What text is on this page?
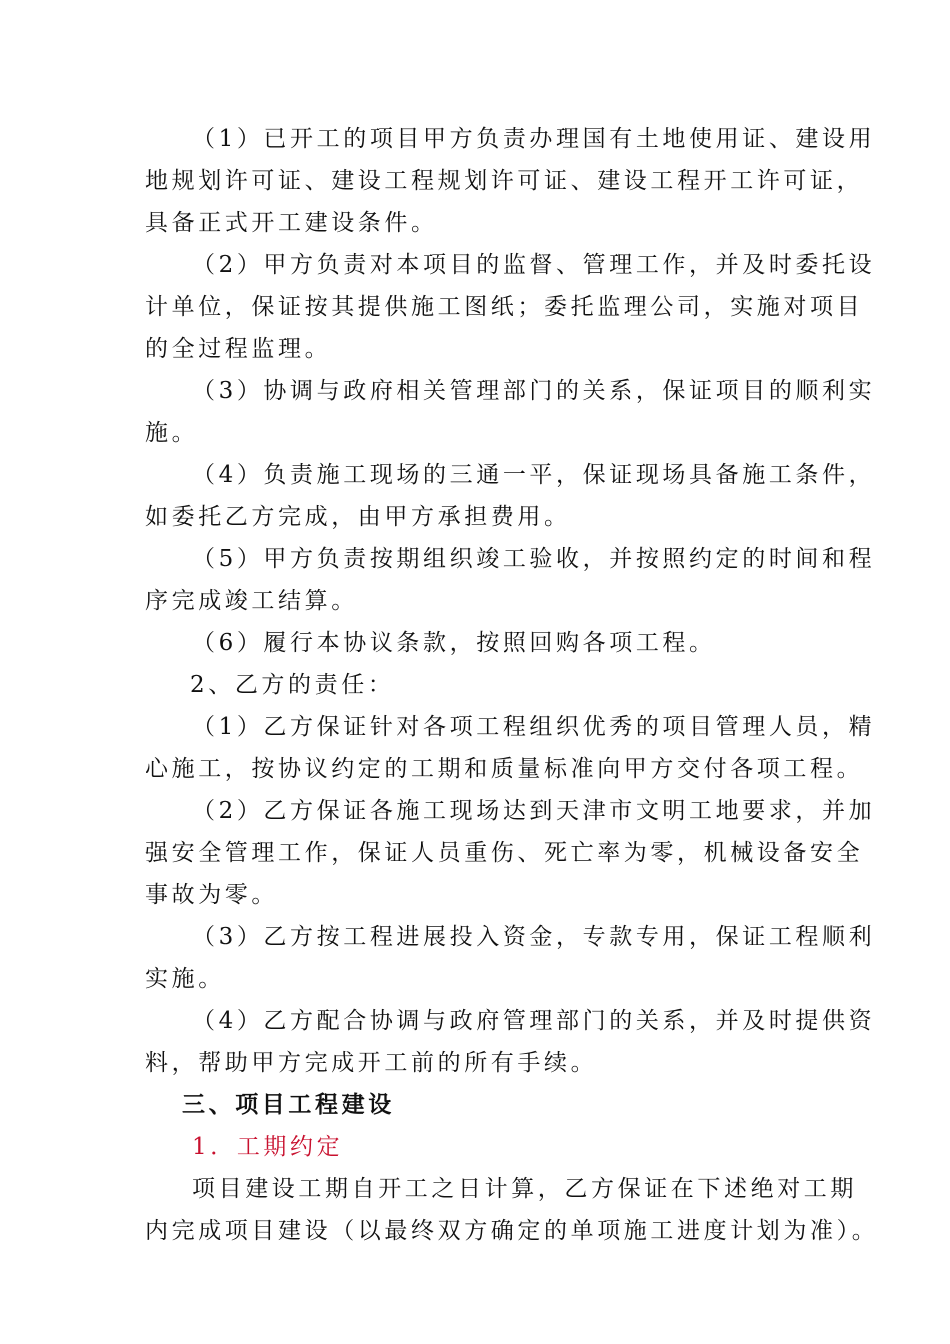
（1）已开工的项目甲方负责办理国有土地使用证、建设用
地规划许可证、建设工程规划许可证、建设工程开工许可证，
具备正式开工建设条件。
（2）甲方负责对本项目的监督、管理工作，并及时委托设
计单位，保证按其提供施工图纸；委托监理公司，实施对项目
的全过程监理。
（3）协调与政府相关管理部门的关系，保证项目的顺利实
施。
（4）负责施工现场的三通一平，保证现场具备施工条件，
如委托乙方完成，由甲方承担费用。
（5）甲方负责按期组织竣工验收，并按照约定的时间和程
序完成竣工结算。
（6）履行本协议条款，按照回购各项工程。
2、乙方的责任：
（1）乙方保证针对各项工程组织优秀的项目管理人员，精
心施工，按协议约定的工期和质量标准向甲方交付各项工程。
（2）乙方保证各施工现场达到天津市文明工地要求，并加
强安全管理工作，保证人员重伤、死亡率为零，机械设备安全
事故为零。
（3）乙方按工程进展投入资金，专款专用，保证工程顺利
实施。
（4）乙方配合协调与政府管理部门的关系，并及时提供资
料，帮助甲方完成开工前的所有手续。
三、项目工程建设
1．工期约定
项目建设工期自开工之日计算，乙方保证在下述绝对工期
内完成项目建设（以最终双方确定的单项施工进度计划为准）。
